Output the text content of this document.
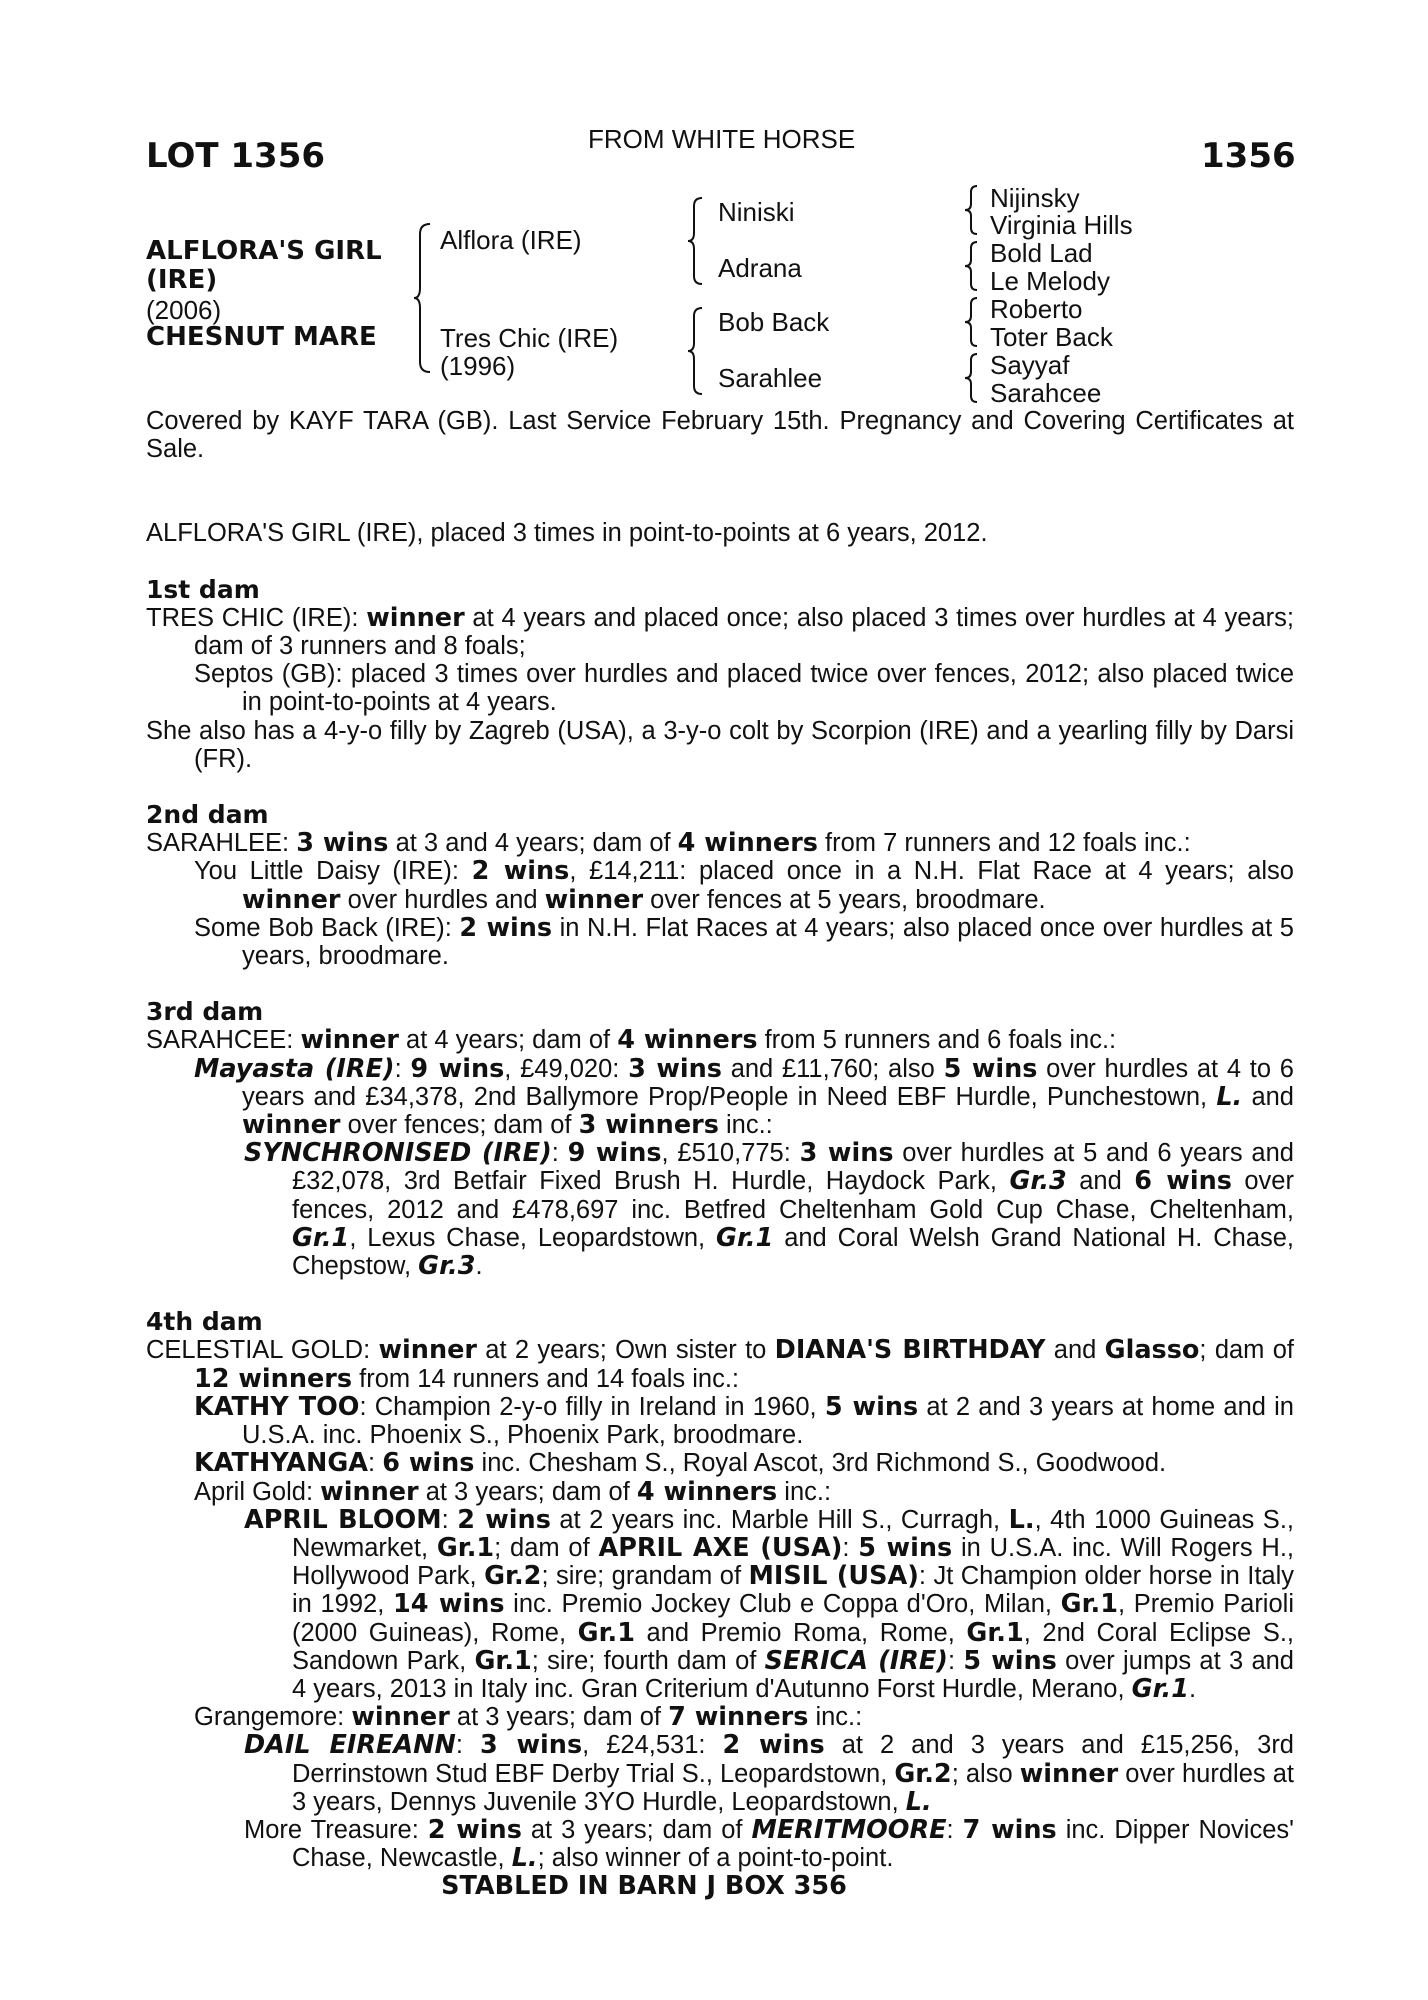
LOT 1356	FROM WHITE HORSE	1356
ALFLORA'S GIRL
(IRE)
(2006)
CHESNUT MARE
Alflora (IRE)
Tres Chic (IRE)
(1996)
Niniski
Adrana
Bob Back
Sarahlee
Nijinsky
Virginia Hills
Bold Lad
Le Melody
Roberto
Toter Back
Sayyaf
Sarahcee

Covered by KAYF TARA (GB). Last Service February 15th. Pregnancy and Covering Certificates at Sale.

ALFLORA'S GIRL (IRE), placed 3 times in point-to-points at 6 years, 2012.

1st dam

TRES CHIC (IRE): winner at 4 years and placed once; also placed 3 times over hurdles at 4 years; dam of 3 runners and 8 foals;

Septos (GB): placed 3 times over hurdles and placed twice over fences, 2012; also placed twice in point-to-points at 4 years.

She also has a 4-y-o filly by Zagreb (USA), a 3-y-o colt by Scorpion (IRE) and a yearling filly by Darsi (FR).

2nd dam

SARAHLEE: 3 wins at 3 and 4 years; dam of 4 winners from 7 runners and 12 foals inc.:

You Little Daisy (IRE): 2 wins, £14,211: placed once in a N.H. Flat Race at 4 years; also winner over hurdles and winner over fences at 5 years, broodmare.

Some Bob Back (IRE): 2 wins in N.H. Flat Races at 4 years; also placed once over hurdles at 5 years, broodmare.

3rd dam

SARAHCEE: winner at 4 years; dam of 4 winners from 5 runners and 6 foals inc.:

Mayasta (IRE): 9 wins, £49,020: 3 wins and £11,760; also 5 wins over hurdles at 4 to 6 years and £34,378, 2nd Ballymore Prop/People in Need EBF Hurdle, Punchestown, L. and winner over fences; dam of 3 winners inc.:

SYNCHRONISED (IRE): 9 wins, £510,775: 3 wins over hurdles at 5 and 6 years and £32,078, 3rd Betfair Fixed Brush H. Hurdle, Haydock Park, Gr.3 and 6 wins over fences, 2012 and £478,697 inc. Betfred Cheltenham Gold Cup Chase, Cheltenham, Gr.1, Lexus Chase, Leopardstown, Gr.1 and Coral Welsh Grand National H. Chase, Chepstow, Gr.3.

4th dam

CELESTIAL GOLD: winner at 2 years; Own sister to DIANA'S BIRTHDAY and Glasso; dam of 12 winners from 14 runners and 14 foals inc.:

KATHY TOO: Champion 2-y-o filly in Ireland in 1960, 5 wins at 2 and 3 years at home and in U.S.A. inc. Phoenix S., Phoenix Park, broodmare.

KATHYANGA: 6 wins inc. Chesham S., Royal Ascot, 3rd Richmond S., Goodwood.

April Gold: winner at 3 years; dam of 4 winners inc.:

APRIL BLOOM: 2 wins at 2 years inc. Marble Hill S., Curragh, L., 4th 1000 Guineas S., Newmarket, Gr.1; dam of APRIL AXE (USA): 5 wins in U.S.A. inc. Will Rogers H., Hollywood Park, Gr.2; sire; grandam of MISIL (USA): Jt Champion older horse in Italy in 1992, 14 wins inc. Premio Jockey Club e Coppa d'Oro, Milan, Gr.1, Premio Parioli (2000 Guineas), Rome, Gr.1 and Premio Roma, Rome, Gr.1, 2nd Coral Eclipse S., Sandown Park, Gr.1; sire; fourth dam of SERICA (IRE): 5 wins over jumps at 3 and 4 years, 2013 in Italy inc. Gran Criterium d'Autunno Forst Hurdle, Merano, Gr.1.

Grangemore: winner at 3 years; dam of 7 winners inc.:

DAIL EIREANN: 3 wins, £24,531: 2 wins at 2 and 3 years and £15,256, 3rd Derrinstown Stud EBF Derby Trial S., Leopardstown, Gr.2; also winner over hurdles at 3 years, Dennys Juvenile 3YO Hurdle, Leopardstown, L.

More Treasure: 2 wins at 3 years; dam of MERITMOORE: 7 wins inc. Dipper Novices' Chase, Newcastle, L.; also winner of a point-to-point.

STABLED IN BARN J BOX 356
